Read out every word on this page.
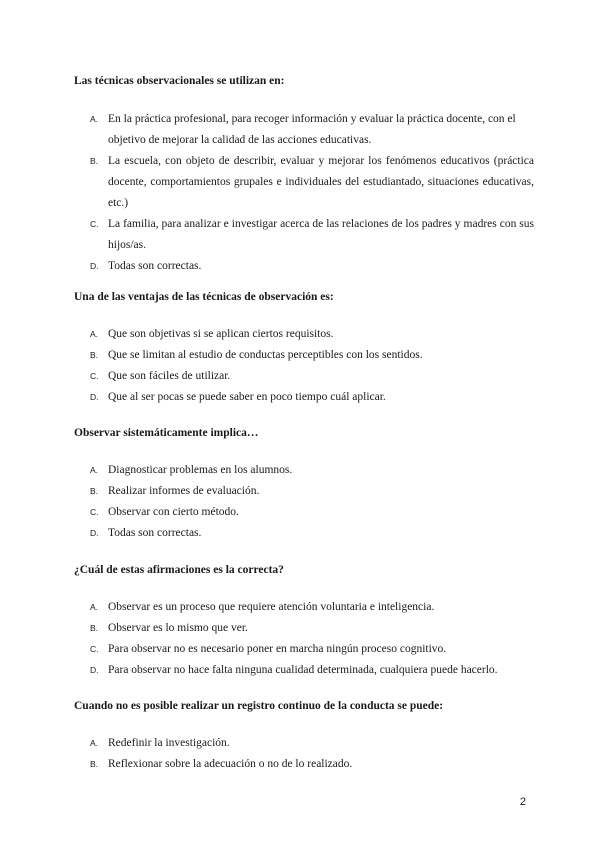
Las técnicas observacionales se utilizan en:

A. En la práctica profesional, para recoger información y evaluar la práctica docente, con el objetivo de mejorar la calidad de las acciones educativas.
B. La escuela, con objeto de describir, evaluar y mejorar los fenómenos educativos (práctica docente, comportamientos grupales e individuales del estudiantado, situaciones educativas, etc.)
C. La familia, para analizar e investigar acerca de las relaciones de los padres y madres con sus hijos/as.
D. Todas son correctas.

Una de las ventajas de las técnicas de observación es:

A. Que son objetivas si se aplican ciertos requisitos.
B. Que se limitan al estudio de conductas perceptibles con los sentidos.
C. Que son fáciles de utilizar.
D. Que al ser pocas se puede saber en poco tiempo cuál aplicar.

Observar sistemáticamente implica…

A. Diagnosticar problemas en los alumnos.
B. Realizar informes de evaluación.
C. Observar con cierto método.
D. Todas son correctas.

¿Cuál de estas afirmaciones es la correcta?

A. Observar es un proceso que requiere atención voluntaria e inteligencia.
B. Observar es lo mismo que ver.
C. Para observar no es necesario poner en marcha ningún proceso cognitivo.
D. Para observar no hace falta ninguna cualidad determinada, cualquiera puede hacerlo.

Cuando no es posible realizar un registro continuo de la conducta se puede:

A. Redefinir la investigación.
B. Reflexionar sobre la adecuación o no de lo realizado.
2
